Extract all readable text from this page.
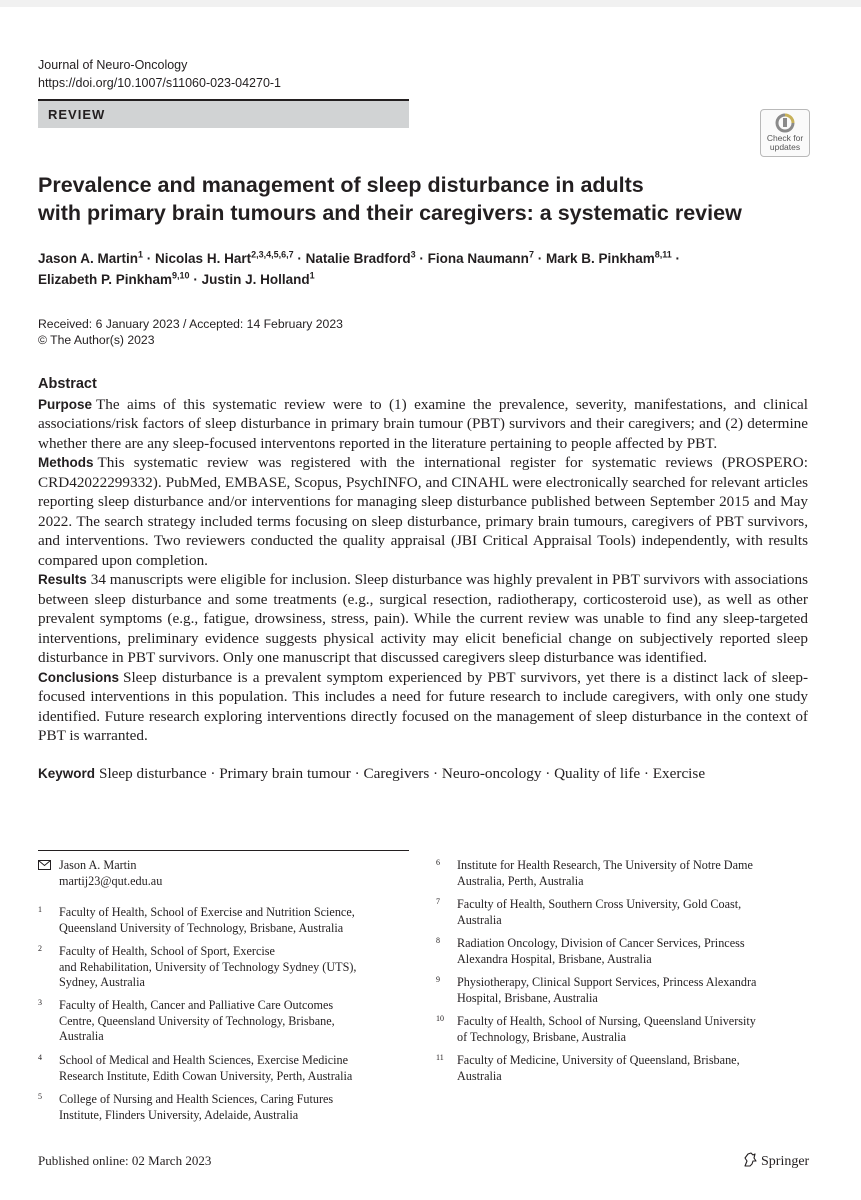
Journal of Neuro-Oncology
https://doi.org/10.1007/s11060-023-04270-1
REVIEW
Check for
updates
Prevalence and management of sleep disturbance in adults
with primary brain tumours and their caregivers: a systematic review
Jason A. Martin$^1$ · Nicolas H. Hart$^{2,3,4,5,6,7}$ · Natalie Bradford$^3$ · Fiona Naumann$^7$ · Mark B. Pinkham$^{8,11}$ ·
Elizabeth P. Pinkham$^{9,10}$ · Justin J. Holland$^1$
Received: 6 January 2023 / Accepted: 14 February 2023
© The Author(s) 2023
Abstract

Purpose The aims of this systematic review were to (1) examine the prevalence, severity, manifestations, and clinical associations/risk factors of sleep disturbance in primary brain tumour (PBT) survivors and their caregivers; and (2) determine whether there are any sleep-focused interventons reported in the literature pertaining to people affected by PBT.

Methods This systematic review was registered with the international register for systematic reviews (PROSPERO: CRD42022299332). PubMed, EMBASE, Scopus, PsychINFO, and CINAHL were electronically searched for relevant articles reporting sleep disturbance and/or interventions for managing sleep disturbance published between September 2015 and May 2022. The search strategy included terms focusing on sleep disturbance, primary brain tumours, caregivers of PBT survivors, and interventions. Two reviewers conducted the quality appraisal (JBI Critical Appraisal Tools) independently, with results compared upon completion.

Results 34 manuscripts were eligible for inclusion. Sleep disturbance was highly prevalent in PBT survivors with associations between sleep disturbance and some treatments (e.g., surgical resection, radiotherapy, corticosteroid use), as well as other prevalent symptoms (e.g., fatigue, drowsiness, stress, pain). While the current review was unable to find any sleep-targeted interventions, preliminary evidence suggests physical activity may elicit beneficial change on subjectively reported sleep disturbance in PBT survivors. Only one manuscript that discussed caregivers sleep disturbance was identified.

Conclusions Sleep disturbance is a prevalent symptom experienced by PBT survivors, yet there is a distinct lack of sleep-focused interventions in this population. This includes a need for future research to include caregivers, with only one study identified. Future research exploring interventions directly focused on the management of sleep disturbance in the context of PBT is warranted.

Keyword Sleep disturbance · Primary brain tumour · Caregivers · Neuro-oncology · Quality of life · Exercise
Jason A. Martin
martij23@qut.edu.au
1 Faculty of Health, School of Exercise and Nutrition Science,
Queensland University of Technology, Brisbane, Australia
2 Faculty of Health, School of Sport, Exercise
and Rehabilitation, University of Technology Sydney (UTS),
Sydney, Australia
3 Faculty of Health, Cancer and Palliative Care Outcomes
Centre, Queensland University of Technology, Brisbane,
Australia
4 School of Medical and Health Sciences, Exercise Medicine
Research Institute, Edith Cowan University, Perth, Australia
5 College of Nursing and Health Sciences, Caring Futures
Institute, Flinders University, Adelaide, Australia
6 Institute for Health Research, The University of Notre Dame
Australia, Perth, Australia
7 Faculty of Health, Southern Cross University, Gold Coast,
Australia
8 Radiation Oncology, Division of Cancer Services, Princess
Alexandra Hospital, Brisbane, Australia
9 Physiotherapy, Clinical Support Services, Princess Alexandra
Hospital, Brisbane, Australia
10 Faculty of Health, School of Nursing, Queensland University
of Technology, Brisbane, Australia
11 Faculty of Medicine, University of Queensland, Brisbane,
Australia
Published online: 02 March 2023	Springer
